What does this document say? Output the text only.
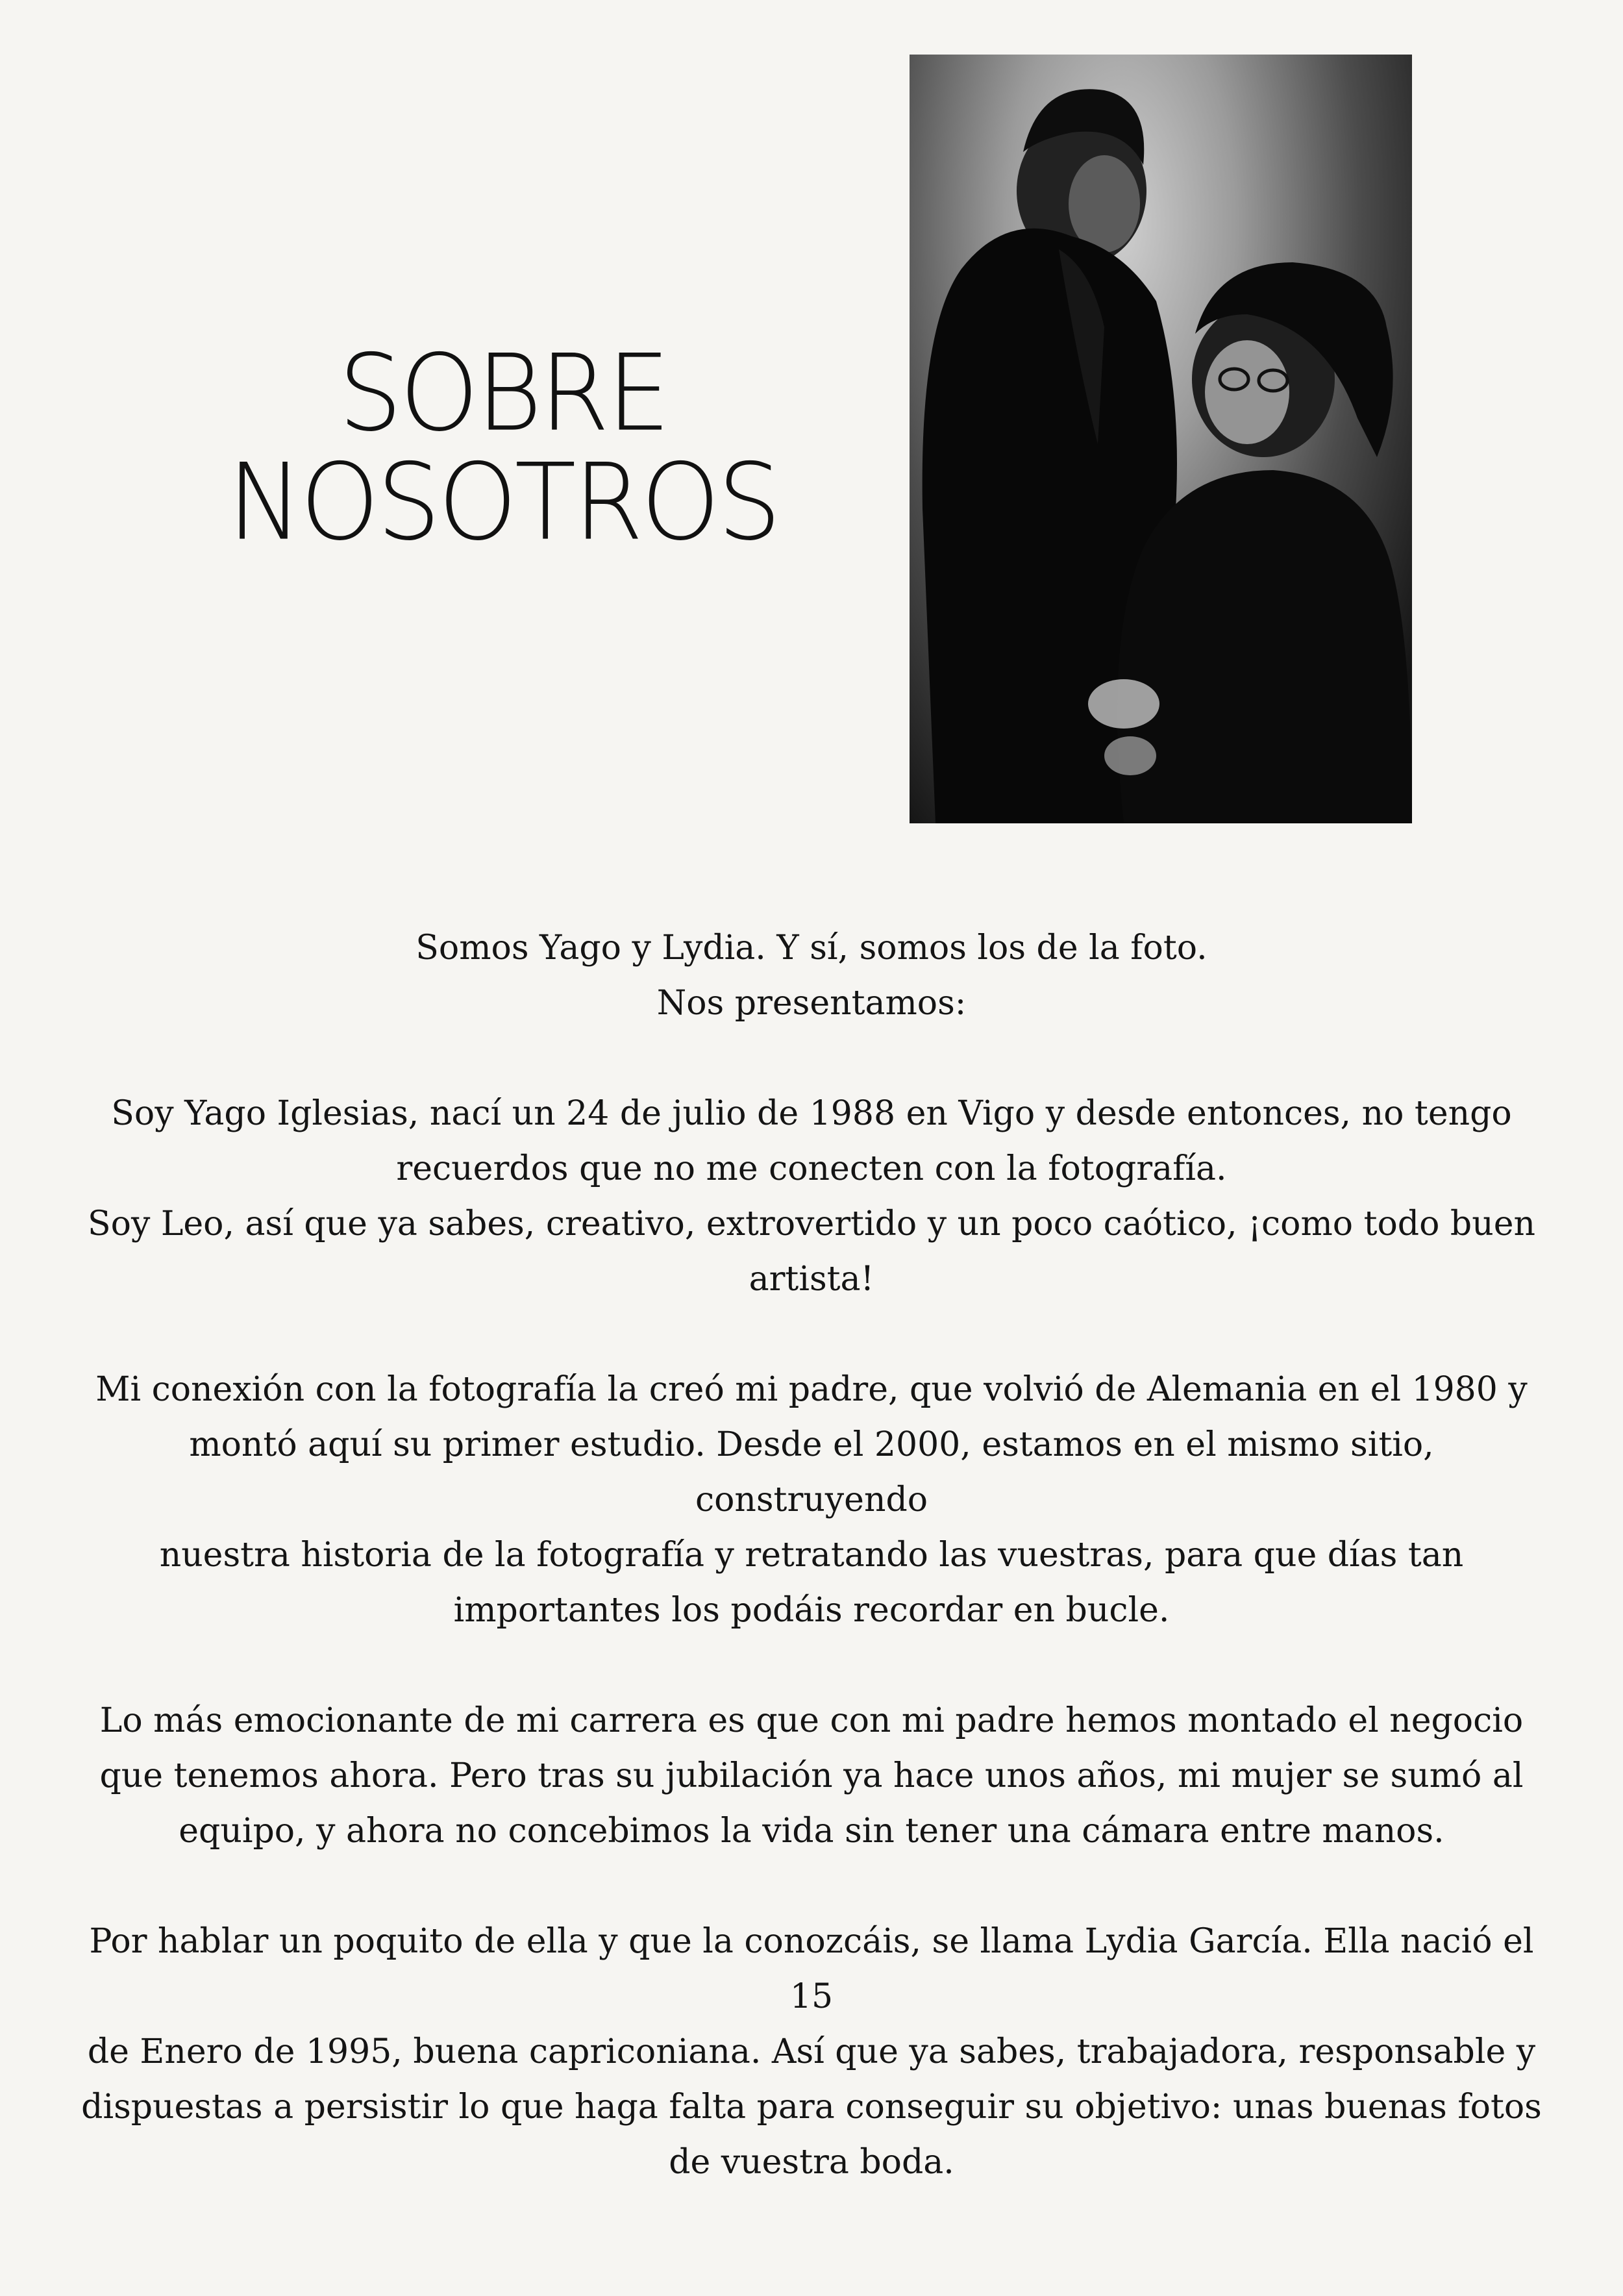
SOBRE
NOSOTROS

Somos Yago y Lydia. Y sí, somos los de la foto.

Nos presentamos:

Soy Yago Iglesias, nací un 24 de julio de 1988 en Vigo y desde entonces, no tengo

recuerdos que no me conecten con la fotografía.

Soy Leo, así que ya sabes, creativo, extrovertido y un poco caótico, ¡como todo buen

artista!

Mi conexión con la fotografía la creó mi padre, que volvió de Alemania en el 1980 y

montó aquí su primer estudio. Desde el 2000, estamos en el mismo sitio, construyendo

nuestra historia de la fotografía y retratando las vuestras, para que días tan

importantes los podáis recordar en bucle.

Lo más emocionante de mi carrera es que con mi padre hemos montado el negocio

que tenemos ahora. Pero tras su jubilación ya hace unos años, mi mujer se sumó al

equipo, y ahora no concebimos la vida sin tener una cámara entre manos.

Por hablar un poquito de ella y que la conozcáis, se llama Lydia García. Ella nació el 15

de Enero de 1995, buena capriconiana. Así que ya sabes, trabajadora, responsable y

dispuestas a persistir lo que haga falta para conseguir su objetivo: unas buenas fotos

de vuestra boda.
